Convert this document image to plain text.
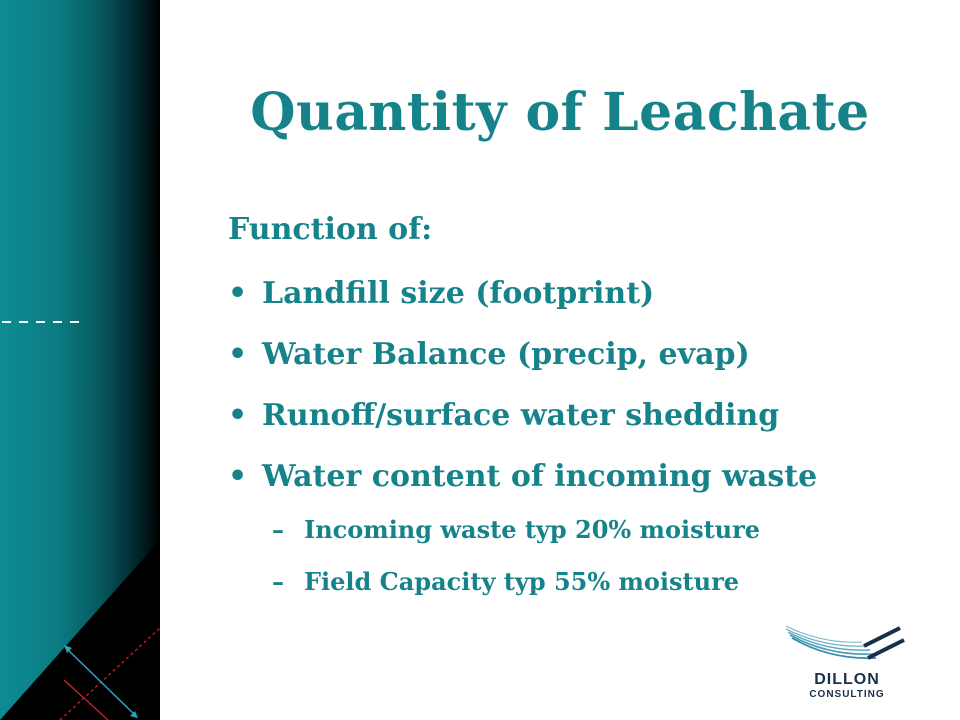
Quantity of Leachate
Function of:
• Landfill size (footprint)
• Water Balance (precip, evap)
• Runoff/surface water shedding
• Water content of incoming waste
– Incoming waste typ 20% moisture
– Field Capacity typ 55% moisture
DILLON
CONSULTING
